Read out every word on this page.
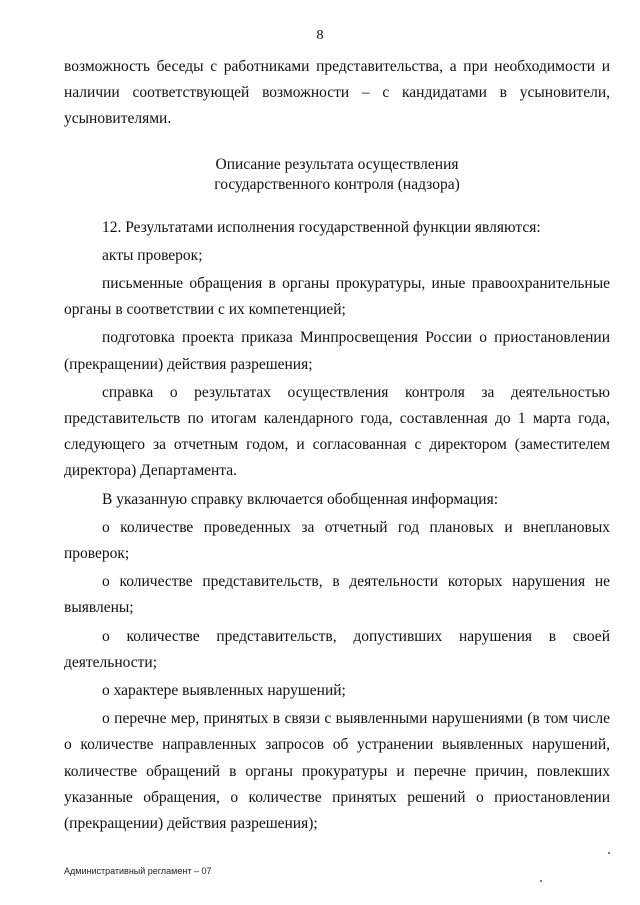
8

возможность беседы с работниками представительства, а при необходимости и наличии соответствующей возможности – с кандидатами в усыновители, усыновителями.

Описание результата осуществления
государственного контроля (надзора)

12. Результатами исполнения государственной функции являются:

акты проверок;

письменные обращения в органы прокуратуры, иные правоохранительные органы в соответствии с их компетенцией;

подготовка проекта приказа Минпросвещения России о приостановлении (прекращении) действия разрешения;

справка о результатах осуществления контроля за деятельностью представительств по итогам календарного года, составленная до 1 марта года, следующего за отчетным годом, и согласованная с директором (заместителем директора) Департамента.

В указанную справку включается обобщенная информация:

о количестве проведенных за отчетный год плановых и внеплановых проверок;

о количестве представительств, в деятельности которых нарушения не выявлены;

о количестве представительств, допустивших нарушения в своей деятельности;

о характере выявленных нарушений;

о перечне мер, принятых в связи с выявленными нарушениями (в том числе о количестве направленных запросов об устранении выявленных нарушений, количестве обращений в органы прокуратуры и перечне причин, повлекших указанные обращения, о количестве принятых решений о приостановлении (прекращении) действия разрешения);

Административный регламент – 07
